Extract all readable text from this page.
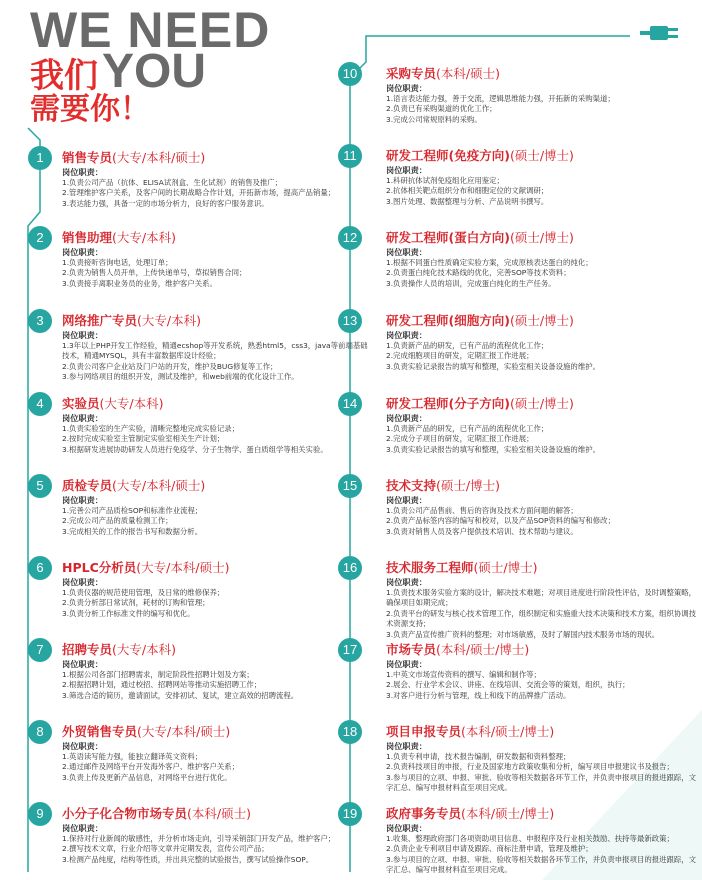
WE NEED
我们 YOU
需要你！
1	销售专员(大专/本科/硕士)
岗位职责：
1.负责公司产品（抗体、ELISA试剂盒、生化试剂）的销售及推广；
2.管理维护客户关系，及客户间的长期战略合作计划，开拓新市场，提高产品销量；
3.表达能力强，具备一定的市场分析力，良好的客户服务意识。
2	销售助理(大专/本科)
岗位职责：
1.负责接听咨询电话，处理订单；
2.负责为销售人员开单，上传快递单号，草拟销售合同；
3.负责接手离职业务员的业务，维护客户关系。
3	网络推广专员(大专/本科)
岗位职责：
1.3年以上PHP开发工作经验，精通ecshop等开发系统，熟悉html5，css3，java等前端基础技术，精通MYSQL，具有丰富数据库设计经验；
2.负责公司客户企业站及门户站的开发，维护及BUG修复等工作；
3.参与网络项目的组织开发，测试及维护，和web前端的优化设计工作。
4	实验员(大专/本科)
岗位职责：
1.负责实验室的生产实验，清晰完整地完成实验记录；
2.按时完成实验室主管制定实验室相关生产计划；
3.根据研发进展协助研发人员进行免疫学、分子生物学、蛋白质组学等相关实验。
5	质检专员(大专/本科/硕士)
岗位职责：
1.完善公司产品质检SOP和标准作业流程；
2.完成公司产品的质量检测工作；
3.完成相关的工作的报告书写和数据分析。
6	HPLC分析员(大专/本科/硕士)
岗位职责：
1.负责仪器的规范使用管理，及日常的维修保养；
2.负责分析部日常试剂，耗材的订购和管理；
3.负责分析工作标准文件的编写和优化。
7	招聘专员(大专/本科)
岗位职责：
1.根据公司各部门招聘需求，制定阶段性招聘计划及方案；
2.根据招聘计划，通过校招、招聘网站等推动实施招聘工作；
3.筛选合适的简历，邀请面试，安排初试、复试，建立高效的招聘流程。
8	外贸销售专员(大专/本科/硕士)
岗位职责：
1.英语读写能力强，能独立翻译英文资料；
2.通过邮件及网络平台开发海外客户、维护客户关系；
3.负责上传及更新产品信息，对网络平台进行优化。
9	小分子化合物市场专员(本科/硕士)
岗位职责：
1.保持对行业新闻的敏感性，并分析市场走向，引导采销部门开发产品，维护客户；
2.撰写技术文章，行业介绍等文章并定期发表，宣传公司产品；
3.检测产品纯度，结构等性质，并出具完整的试验报告，撰写试验操作SOP。
10	采购专员(本科/硕士)
岗位职责：
1.语言表达能力强，善于交流，逻辑思维能力强，开拓新的采购渠道；
2.负责已有采购渠道的优化工作；
3.完成公司常规原料的采购。
11	研发工程师(免疫方向)(硕士/博士)
岗位职责：
1.科研抗体试剂免疫组化应用鉴定；
2.抗体相关靶点组织分布和细胞定位的文献调研；
3.图片处理、数据整理与分析、产品说明书撰写。
12	研发工程师(蛋白方向)(硕士/博士)
岗位职责：
1.根据不同蛋白性质确定实验方案，完成原核表达蛋白的纯化；
2.负责蛋白纯化技术路线的优化，完善SOP等技术资料；
3.负责操作人员的培训，完成蛋白纯化的生产任务。
13	研发工程师(细胞方向)(硕士/博士)
岗位职责：
1.负责新产品的研发，已有产品的流程优化工作；
2.完成细胞项目的研发，定期汇报工作进展；
3.负责实验记录报告的填写和整理，实验室相关设备设施的维护。
14	研发工程师(分子方向)(硕士/博士)
岗位职责：
1.负责新产品的研发，已有产品的流程优化工作；
2.完成分子项目的研发，定期汇报工作进展；
3.负责实验记录报告的填写和整理，实验室相关设备设施的维护。
15	技术支持(硕士/博士)
岗位职责：
1.负责公司产品售前、售后的咨询及技术方面问题的解答；
2.负责产品标签内容的编写和校对，以及产品SOP资料的编写和修改；
3.负责对销售人员及客户提供技术培训、技术帮助与建议。
16	技术服务工程师(硕士/博士)
岗位职责：
1.负责技术服务实验方案的设计，解决技术难题；对项目进度进行阶段性评估，及时调整策略，确保项目如期完成；
2.负责平台的研发与核心技术管理工作，组织制定和实施重大技术决策和技术方案，组织协调技术资源支持；
3.负责产品宣传推广资料的整理；对市场敏感，及时了解国内技术服务市场的现状。
17	市场专员(本科/硕士/博士)
岗位职责：
1.中英文市场宣传资料的撰写、编辑和制作等；
2.展会、行业学术会议、讲座、在线培训、交流会等的策划，组织，执行；
3.对客户进行分析与管理，线上和线下的品牌推广活动。
18	项目申报专员(本科/硕士/博士)
岗位职责：
1.负责专利申请，技术报告编制，研发数据和资料整理；
2.负责科技项目的申报，行业及国家地方政策收集和分析，编写项目申报建议书及报告；
3.参与项目的立项、申报、审批、验收等相关数据各环节工作，并负责申报项目的报进跟踪，文字汇总、编写申报材料直至项目完成。
19	政府事务专员(本科/硕士/博士)
岗位职责：
1.收集、整理政府部门各项资助项目信息、申报程序及行业相关鼓励、扶持等最新政策；
2.负责企业专利项目申请及跟踪、商标注册申请，管理及维护；
3.参与项目的立项、申报、审批、验收等相关数据各环节工作，并负责申报项目的报进跟踪，文字汇总、编写申报材料直至项目完成。
